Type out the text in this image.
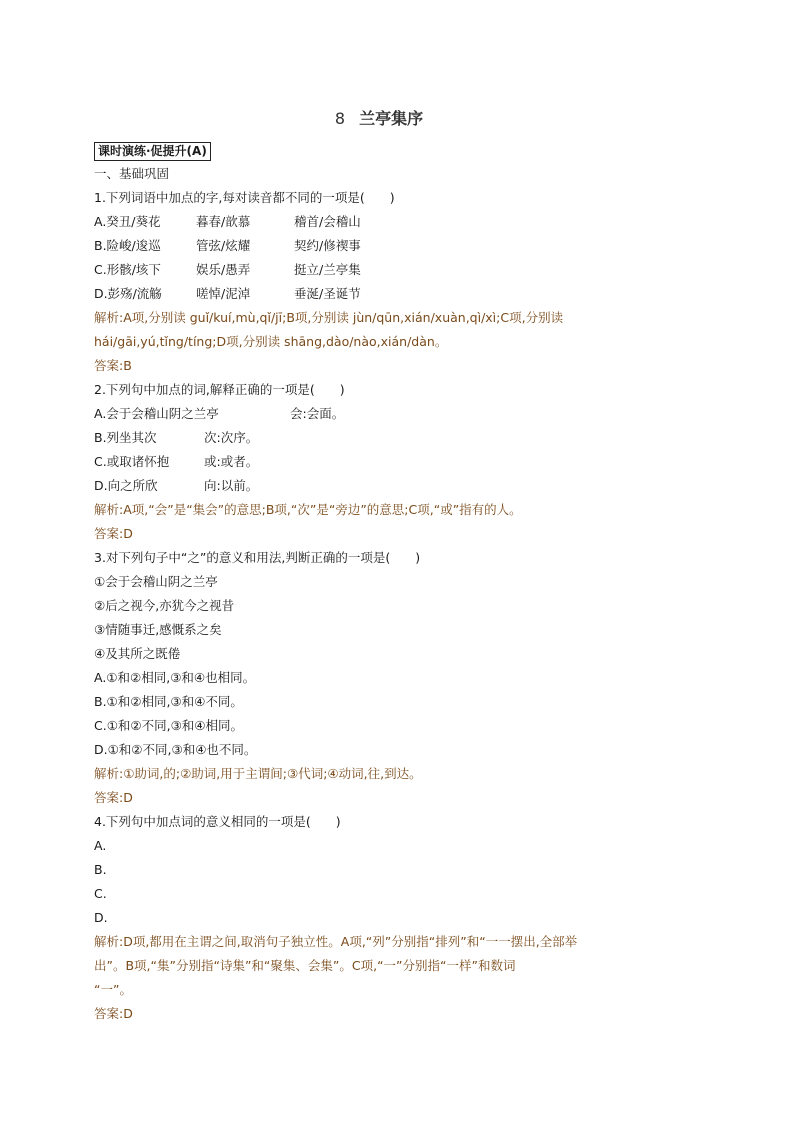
8 兰亭集序
课时演练·促提升(A)
一、基础巩固
1.下列词语中加点的字,每对读音都不同的一项是(　　)
A.癸丑/葵花	暮春/歆慕	稽首/会稽山
B.险峻/逡巡	管弦/炫耀	契约/修禊事
C.形骸/垓下	娱乐/愚弄	挺立/兰亭集
D.彭殇/流觞	嗟悼/泥淖	垂涎/圣诞节
解析:A项,分别读 guǐ/kuí,mù,qǐ/jī;B项,分别读 jùn/qūn,xián/xuàn,qì/xì;C项,分别读
hái/gāi,yú,tǐng/tíng;D项,分别读 shāng,dào/nào,xián/dàn。
答案:B
2.下列句中加点的词,解释正确的一项是(　　)
A.会于会稽山阴之兰亭	会:会面。
B.列坐其次	次:次序。
C.或取诸怀抱	或:或者。
D.向之所欣	向:以前。
解析:A项,“会”是“集会”的意思;B项,“次”是“旁边”的意思;C项,“或”指有的人。
答案:D
3.对下列句子中“之”的意义和用法,判断正确的一项是(　　)
①会于会稽山阴之兰亭
②后之视今,亦犹今之视昔
③情随事迁,感慨系之矣
④及其所之既倦
A.①和②相同,③和④也相同。
B.①和②相同,③和④不同。
C.①和②不同,③和④相同。
D.①和②不同,③和④也不同。
解析:①助词,的;②助词,用于主谓间;③代词;④动词,往,到达。
答案:D
4.下列句中加点词的意义相同的一项是(　　)
A.
B.
C.
D.
解析:D项,都用在主谓之间,取消句子独立性。A项,“列”分别指“排列”和“一一摆出,全部举
出”。B项,“集”分别指“诗集”和“聚集、会集”。C项,“一”分别指“一样”和数词
“一”。
答案:D
